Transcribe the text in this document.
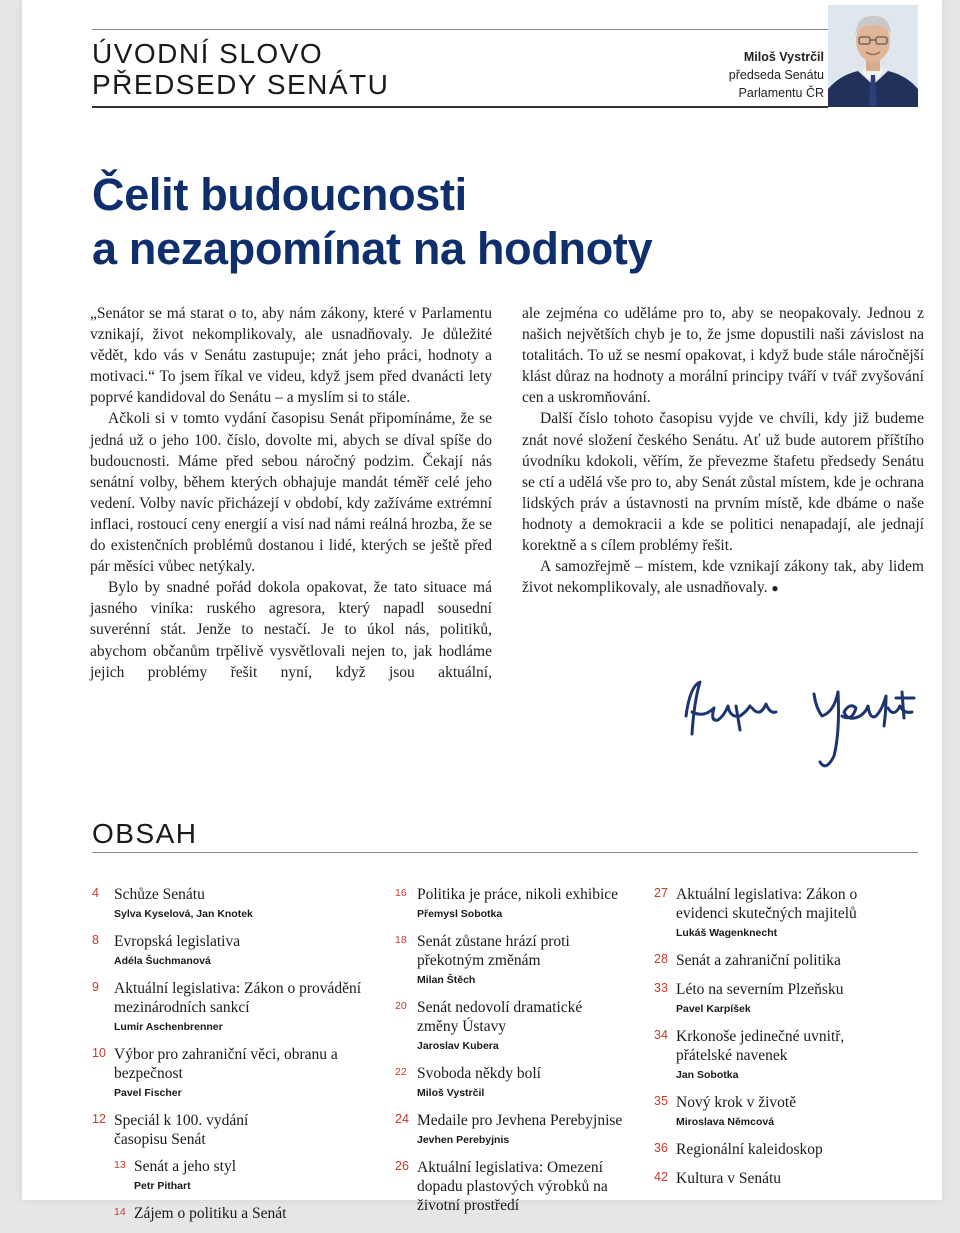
ÚVODNÍ SLOVO
PŘEDSEDY SENÁTU
Miloš Vystrčil
předseda Senátu
Parlamentu ČR
Čelit budoucnosti
a nezapomínat na hodnoty

„Senátor se má starat o to, aby nám zákony, které v Parlamentu vznikají, život nekomplikovaly, ale usnadňovaly. Je důležité vědět, kdo vás v Senátu zastupuje; znát jeho práci, hodnoty a motivaci.“ To jsem říkal ve videu, když jsem před dvanácti lety poprvé kandidoval do Senátu – a myslím si to stále.

Ačkoli si v tomto vydání časopisu Senát připomínáme, že se jedná už o jeho 100. číslo, dovolte mi, abych se díval spíše do budoucnosti. Máme před sebou náročný podzim. Čekají nás senátní volby, během kterých obhajuje mandát téměř celé jeho vedení. Volby navíc přicházejí v období, kdy zažíváme extrémní inflaci, rostoucí ceny energií a visí nad námi reálná hrozba, že se do existenčních problémů dostanou i lidé, kterých se ještě před pár měsíci vůbec netýkaly.

Bylo by snadné pořád dokola opakovat, že tato situace má jasného viníka: ruského agresora, který napadl sousední suverénní stát. Jenže to nestačí. Je to úkol nás, politiků, abychom občanům trpělivě vysvětlovali nejen to, jak hodláme jejich problémy řešit nyní, když jsou aktuální,

ale zejména co uděláme pro to, aby se neopakovaly. Jednou z našich největších chyb je to, že jsme dopustili naši závislost na totalitách. To už se nesmí opakovat, i když bude stále náročnější klást důraz na hodnoty a morální principy tváří v tvář zvyšování cen a uskromňování.

Další číslo tohoto časopisu vyjde ve chvíli, kdy již budeme znát nové složení českého Senátu. Ať už bude autorem příštího úvodníku kdokoli, věřím, že převezme štafetu předsedy Senátu se ctí a udělá vše pro to, aby Senát zůstal místem, kde je ochrana lidských práv a ústavnosti na prvním místě, kde dbáme o naše hodnoty a demokracii a kde se politici nenapadají, ale jednají korektně a s cílem problémy řešit.

A samozřejmě – místem, kde vznikají zákony tak, aby lidem život nekomplikovaly, ale usnadňovaly. ●

OBSAH
4 Schůze Senátu
Sylva Kyselová, Jan Knotek
8 Evropská legislativa
Adéla Šuchmanová
9 Aktuální legislativa: Zákon o provádění mezinárodních sankcí
Lumír Aschenbrenner
10 Výbor pro zahraniční věci, obranu a bezpečnost
Pavel Fischer
12 Speciál k 100. vydání časopisu Senát
13 Senát a jeho styl
Petr Pithart
14 Zájem o politiku a Senát
16 Politika je práce, nikoli exhibice
Přemysl Sobotka
18 Senát zůstane hrází proti překotným změnám
Milan Štěch
20 Senát nedovolí dramatické změny Ústavy
Jaroslav Kubera
22 Svoboda někdy bolí
Miloš Vystrčil
24 Medaile pro Jevhena Perebyjnise
Jevhen Perebyjnis
26 Aktuální legislativa: Omezení dopadu plastových výrobků na životní prostředí
27 Aktuální legislativa: Zákon o evidenci skutečných majitelů
Lukáš Wagenknecht
28 Senát a zahraniční politika
33 Léto na severním Plzeňsku
Pavel Karpíšek
34 Krkonoše jedinečné uvnitř, přátelské navenek
Jan Sobotka
35 Nový krok v životě
Miroslava Němcová
36 Regionální kaleidoskop
42 Kultura v Senátu
